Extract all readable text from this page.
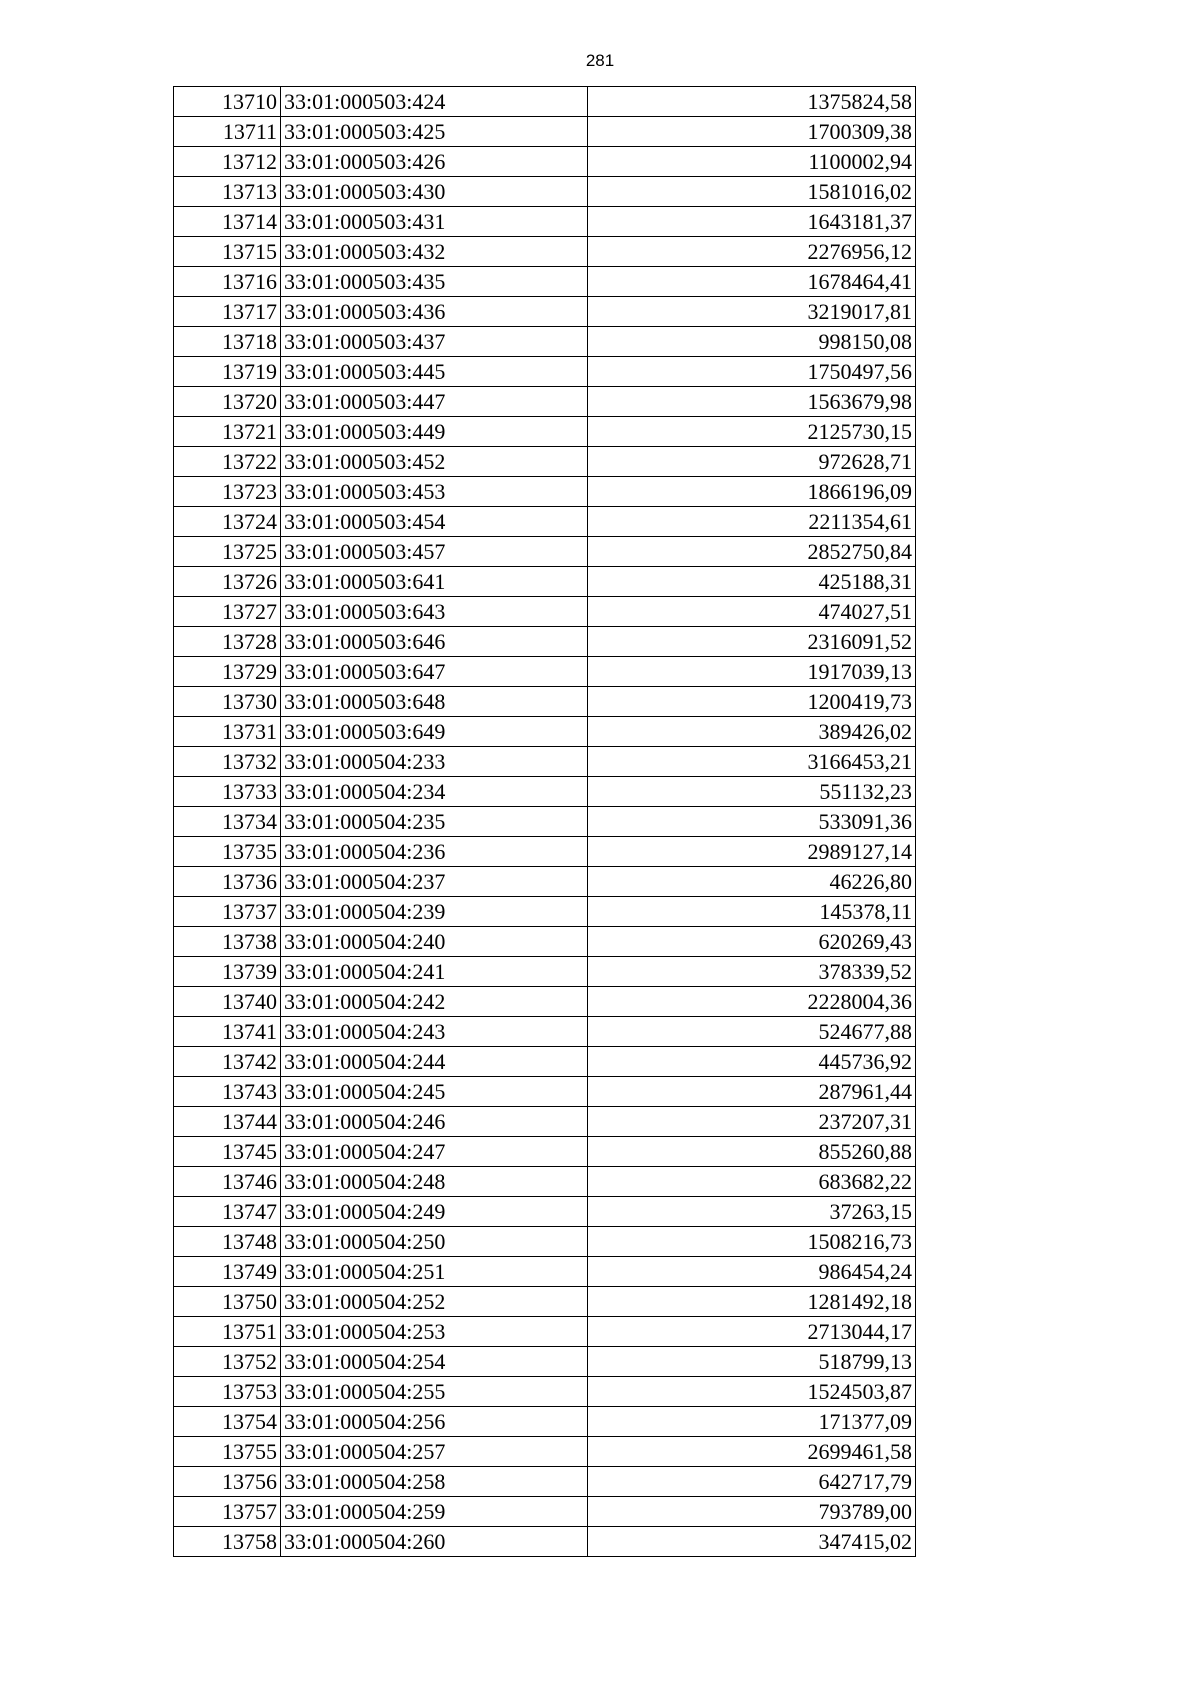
281
13710	33:01:000503:424	1375824,58
13711	33:01:000503:425	1700309,38
13712	33:01:000503:426	1100002,94
13713	33:01:000503:430	1581016,02
13714	33:01:000503:431	1643181,37
13715	33:01:000503:432	2276956,12
13716	33:01:000503:435	1678464,41
13717	33:01:000503:436	3219017,81
13718	33:01:000503:437	998150,08
13719	33:01:000503:445	1750497,56
13720	33:01:000503:447	1563679,98
13721	33:01:000503:449	2125730,15
13722	33:01:000503:452	972628,71
13723	33:01:000503:453	1866196,09
13724	33:01:000503:454	2211354,61
13725	33:01:000503:457	2852750,84
13726	33:01:000503:641	425188,31
13727	33:01:000503:643	474027,51
13728	33:01:000503:646	2316091,52
13729	33:01:000503:647	1917039,13
13730	33:01:000503:648	1200419,73
13731	33:01:000503:649	389426,02
13732	33:01:000504:233	3166453,21
13733	33:01:000504:234	551132,23
13734	33:01:000504:235	533091,36
13735	33:01:000504:236	2989127,14
13736	33:01:000504:237	46226,80
13737	33:01:000504:239	145378,11
13738	33:01:000504:240	620269,43
13739	33:01:000504:241	378339,52
13740	33:01:000504:242	2228004,36
13741	33:01:000504:243	524677,88
13742	33:01:000504:244	445736,92
13743	33:01:000504:245	287961,44
13744	33:01:000504:246	237207,31
13745	33:01:000504:247	855260,88
13746	33:01:000504:248	683682,22
13747	33:01:000504:249	37263,15
13748	33:01:000504:250	1508216,73
13749	33:01:000504:251	986454,24
13750	33:01:000504:252	1281492,18
13751	33:01:000504:253	2713044,17
13752	33:01:000504:254	518799,13
13753	33:01:000504:255	1524503,87
13754	33:01:000504:256	171377,09
13755	33:01:000504:257	2699461,58
13756	33:01:000504:258	642717,79
13757	33:01:000504:259	793789,00
13758	33:01:000504:260	347415,02
